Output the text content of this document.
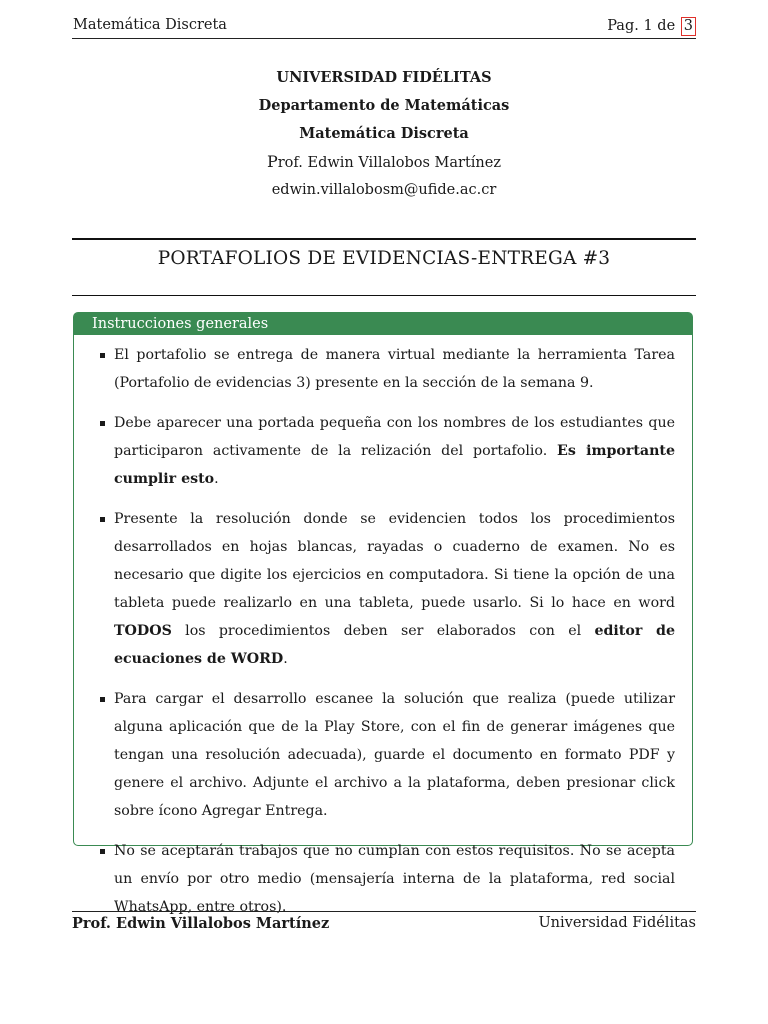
Matemática Discreta	Pag. 1 de 3
UNIVERSIDAD FIDÉLITAS
Departamento de Matemáticas
Matemática Discreta
Prof. Edwin Villalobos Martínez
edwin.villalobosm@ufide.ac.cr
PORTAFOLIOS DE EVIDENCIAS-ENTREGA #3
Instrucciones generales
El portafolio se entrega de manera virtual mediante la herramienta Tarea (Portafolio de evidencias 3) presente en la sección de la semana 9.
Debe aparecer una portada pequeña con los nombres de los estudiantes que participaron activamente de la relización del portafolio. Es importante cumplir esto.
Presente la resolución donde se evidencien todos los procedimientos desarrollados en hojas blancas, rayadas o cuaderno de examen. No es necesario que digite los ejercicios en computadora. Si tiene la opción de una tableta puede realizarlo en una tableta, puede usarlo. Si lo hace en word TODOS los procedimientos deben ser elaborados con el editor de ecuaciones de WORD.
Para cargar el desarrollo escanee la solución que realiza (puede utilizar alguna aplicación que de la Play Store, con el fin de generar imágenes que tengan una resolución adecuada), guarde el documento en formato PDF y genere el archivo. Adjunte el archivo a la plataforma, deben presionar click sobre ícono Agregar Entrega.
No se aceptarán trabajos que no cumplan con estos requisitos. No se acepta un envío por otro medio (mensajería interna de la plataforma, red social WhatsApp, entre otros).
Prof. Edwin Villalobos Martínez	Universidad Fidélitas
